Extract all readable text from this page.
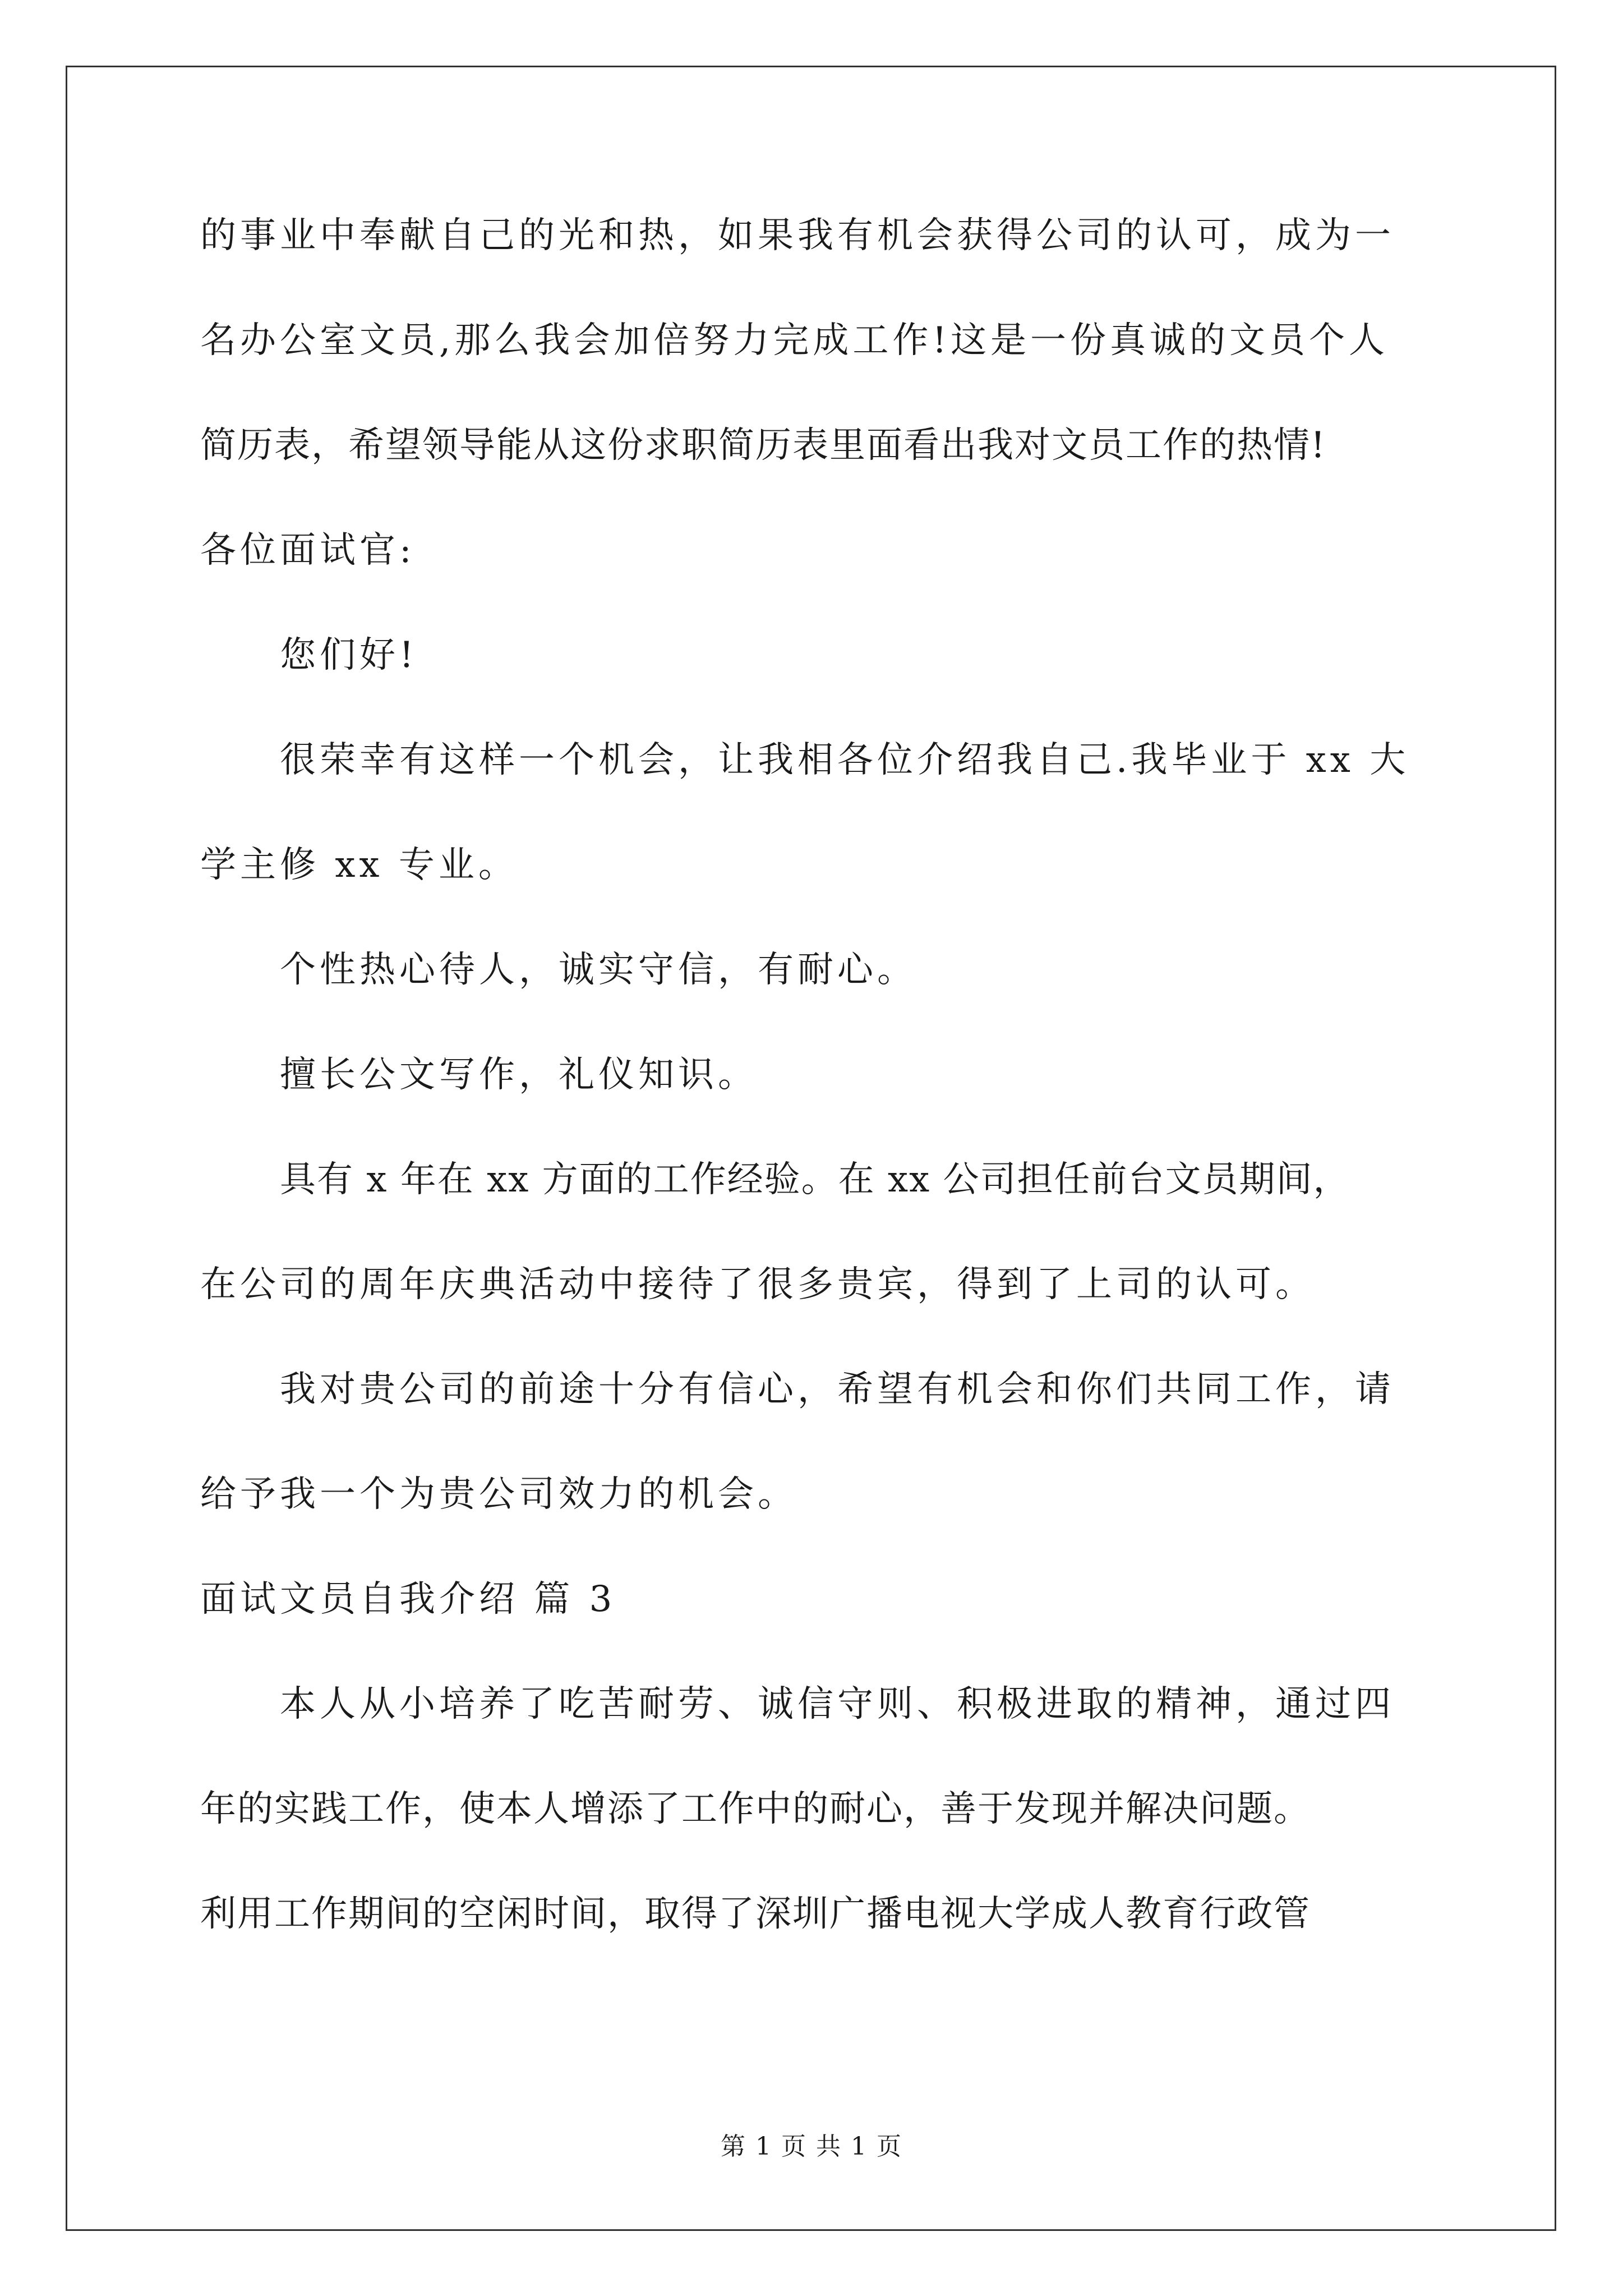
的事业中奉献自己的光和热，如果我有机会获得公司的认可，成为一
名办公室文员,那么我会加倍努力完成工作!这是一份真诚的文员个人
简历表，希望领导能从这份求职简历表里面看出我对文员工作的热情!
各位面试官:
您们好!
很荣幸有这样一个机会，让我相各位介绍我自己.我毕业于 xx 大
学主修 xx 专业。
个性热心待人，诚实守信，有耐心。
擅长公文写作，礼仪知识。
具有 x 年在 xx 方面的工作经验。在 xx 公司担任前台文员期间，
在公司的周年庆典活动中接待了很多贵宾，得到了上司的认可。
我对贵公司的前途十分有信心，希望有机会和你们共同工作，请
给予我一个为贵公司效力的机会。
面试文员自我介绍 篇 3
本人从小培养了吃苦耐劳、诚信守则、积极进取的精神，通过四
年的实践工作，使本人增添了工作中的耐心，善于发现并解决问题。
利用工作期间的空闲时间，取得了深圳广播电视大学成人教育行政管
第 1 页 共 1 页
